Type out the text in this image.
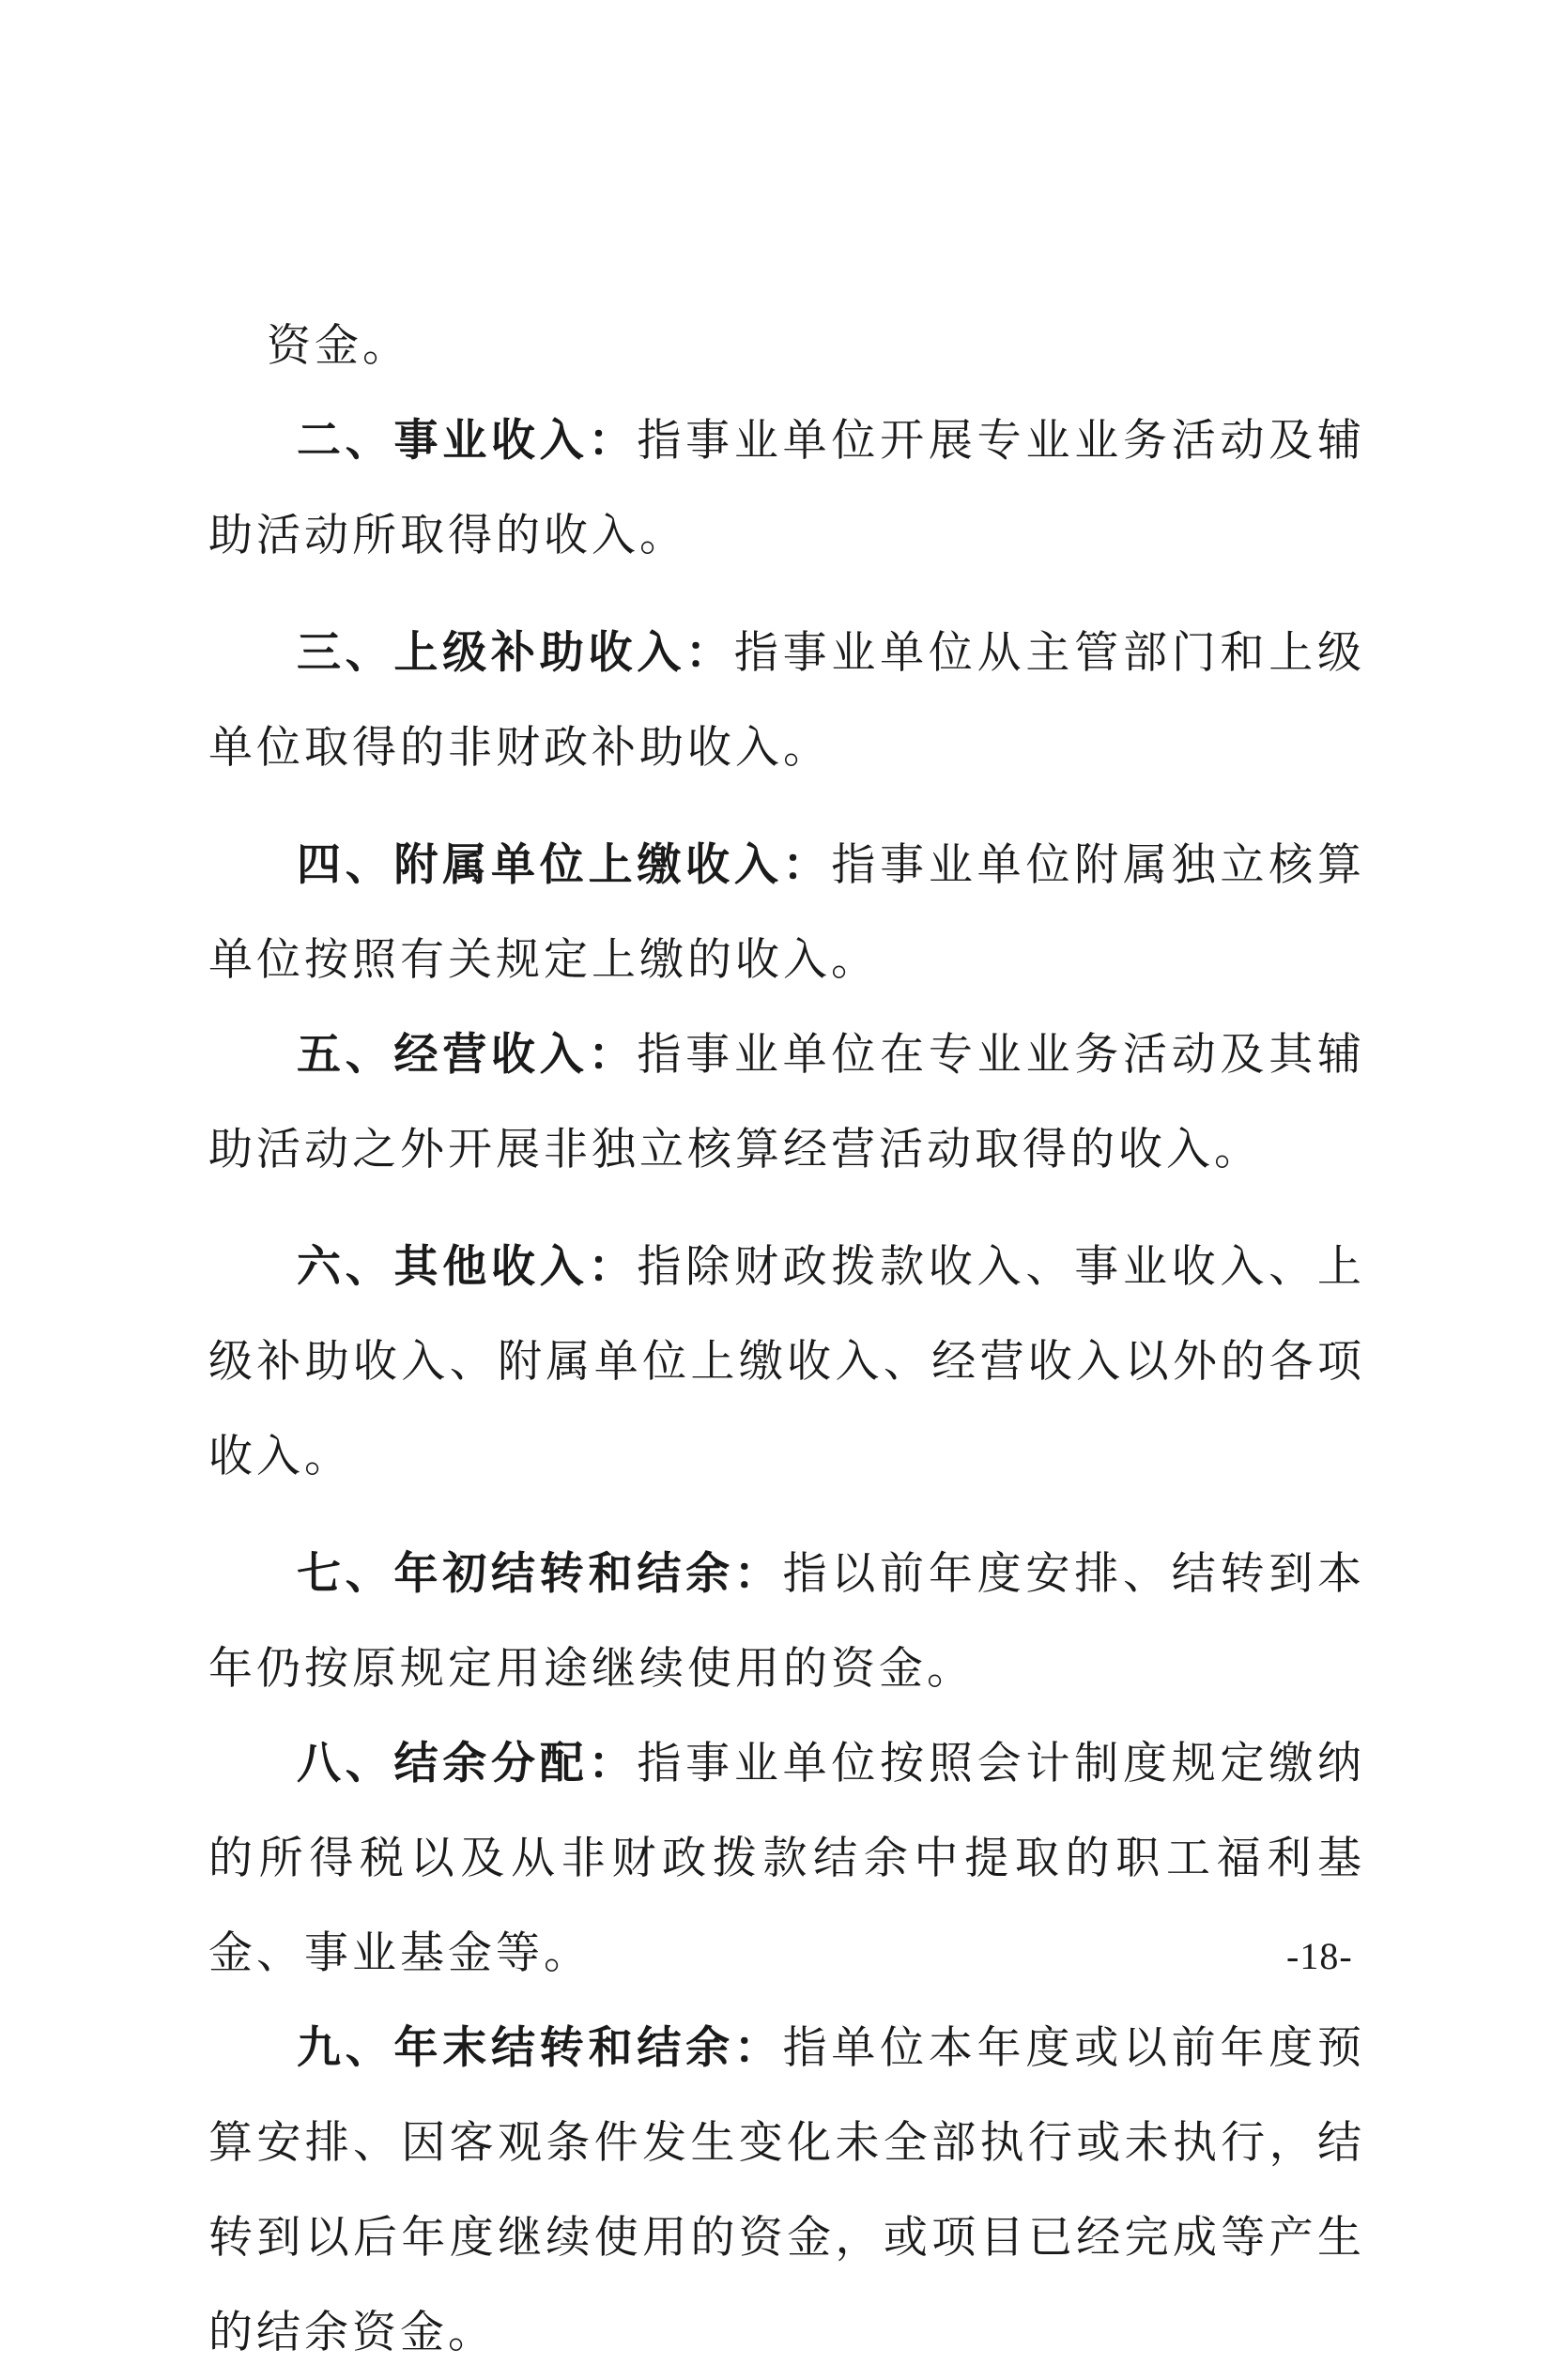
资金。

二、事业收入：指事业单位开展专业业务活动及辅助活动所取得的收入。

三、上级补助收入：指事业单位从主管部门和上级单位取得的非财政补助收入。

四、附属单位上缴收入：指事业单位附属独立核算单位按照有关规定上缴的收入。

五、经营收入：指事业单位在专业业务活动及其辅助活动之外开展非独立核算经营活动取得的收入。

六、其他收入：指除财政拨款收入、事业收入、上级补助收入、附属单位上缴收入、经营收入以外的各项收入。

七、年初结转和结余：指以前年度安排、结转到本年仍按原规定用途继续使用的资金。

八、结余分配：指事业单位按照会计制度规定缴纳的所得税以及从非财政拨款结余中提取的职工福利基金、事业基金等。

九、年末结转和结余：指单位本年度或以前年度预算安排、因客观条件发生变化未全部执行或未执行，结转到以后年度继续使用的资金，或项目已经完成等产生的结余资金。

-18-
